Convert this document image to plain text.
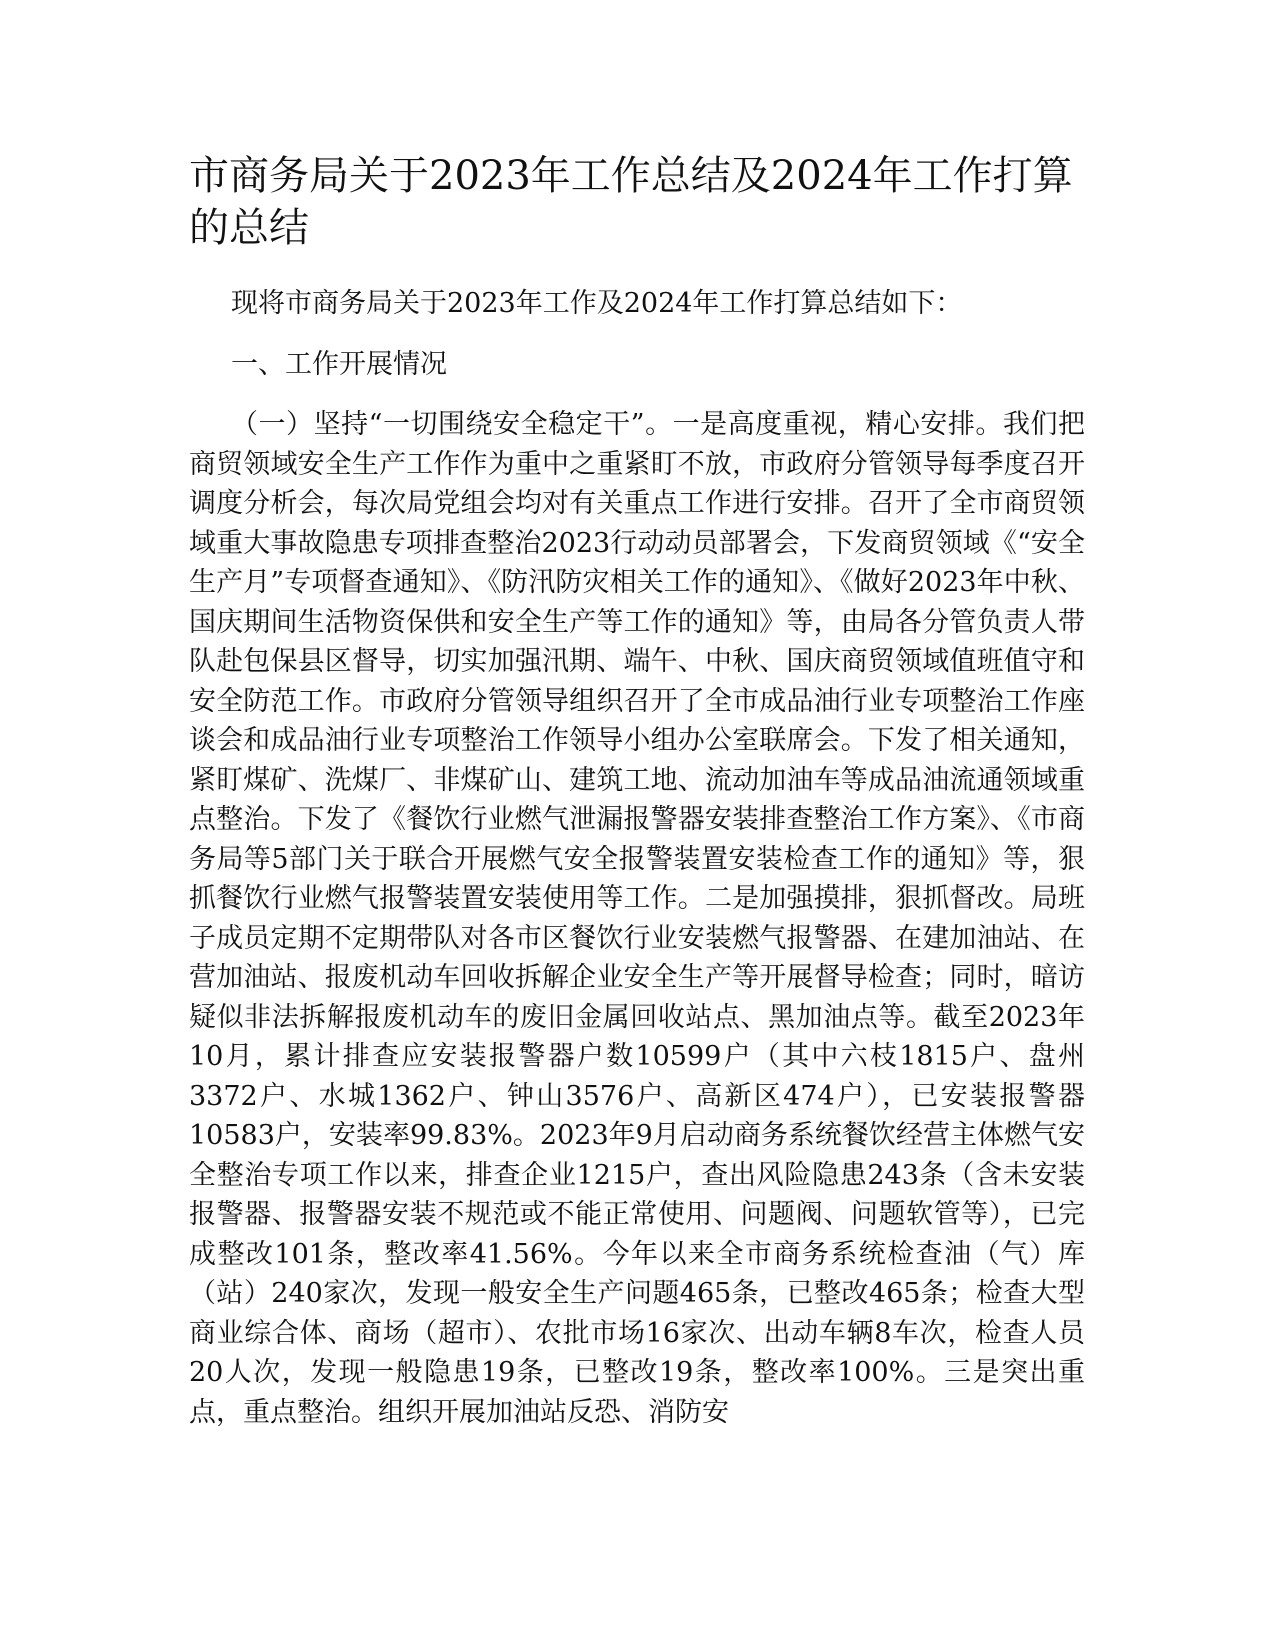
市商务局关于2023年工作总结及2024年工作打算的总结

现将市商务局关于2023年工作及2024年工作打算总结如下：

一、工作开展情况

（一）坚持“一切围绕安全稳定干”。一是高度重视，精心安排。我们把商贸领域安全生产工作作为重中之重紧盯不放，市政府分管领导每季度召开调度分析会，每次局党组会均对有关重点工作进行安排。召开了全市商贸领域重大事故隐患专项排查整治2023行动动员部署会，下发商贸领域《“安全生产月”专项督查通知》、《防汛防灾相关工作的通知》、《做好2023年中秋、国庆期间生活物资保供和安全生产等工作的通知》等，由局各分管负责人带队赴包保县区督导，切实加强汛期、端午、中秋、国庆商贸领域值班值守和安全防范工作。市政府分管领导组织召开了全市成品油行业专项整治工作座谈会和成品油行业专项整治工作领导小组办公室联席会。下发了相关通知，紧盯煤矿、洗煤厂、非煤矿山、建筑工地、流动加油车等成品油流通领域重点整治。下发了《餐饮行业燃气泄漏报警器安装排查整治工作方案》、《市商务局等5部门关于联合开展燃气安全报警装置安装检查工作的通知》等，狠抓餐饮行业燃气报警装置安装使用等工作。二是加强摸排，狠抓督改。局班子成员定期不定期带队对各市区餐饮行业安装燃气报警器、在建加油站、在营加油站、报废机动车回收拆解企业安全生产等开展督导检查；同时，暗访疑似非法拆解报废机动车的废旧金属回收站点、黑加油点等。截至2023年10月，累计排查应安装报警器户数10599户（其中六枝1815户、盘州3372户、水城1362户、钟山3576户、高新区474户），已安装报警器10583户，安装率99.83%。2023年9月启动商务系统餐饮经营主体燃气安全整治专项工作以来，排查企业1215户，查出风险隐患243条（含未安装报警器、报警器安装不规范或不能正常使用、问题阀、问题软管等），已完成整改101条，整改率41.56%。今年以来全市商务系统检查油（气）库（站）240家次，发现一般安全生产问题465条，已整改465条；检查大型商业综合体、商场（超市）、农批市场16家次、出动车辆8车次，检查人员20人次，发现一般隐患19条，已整改19条，整改率100%。三是突出重点，重点整治。组织开展加油站反恐、消防安
